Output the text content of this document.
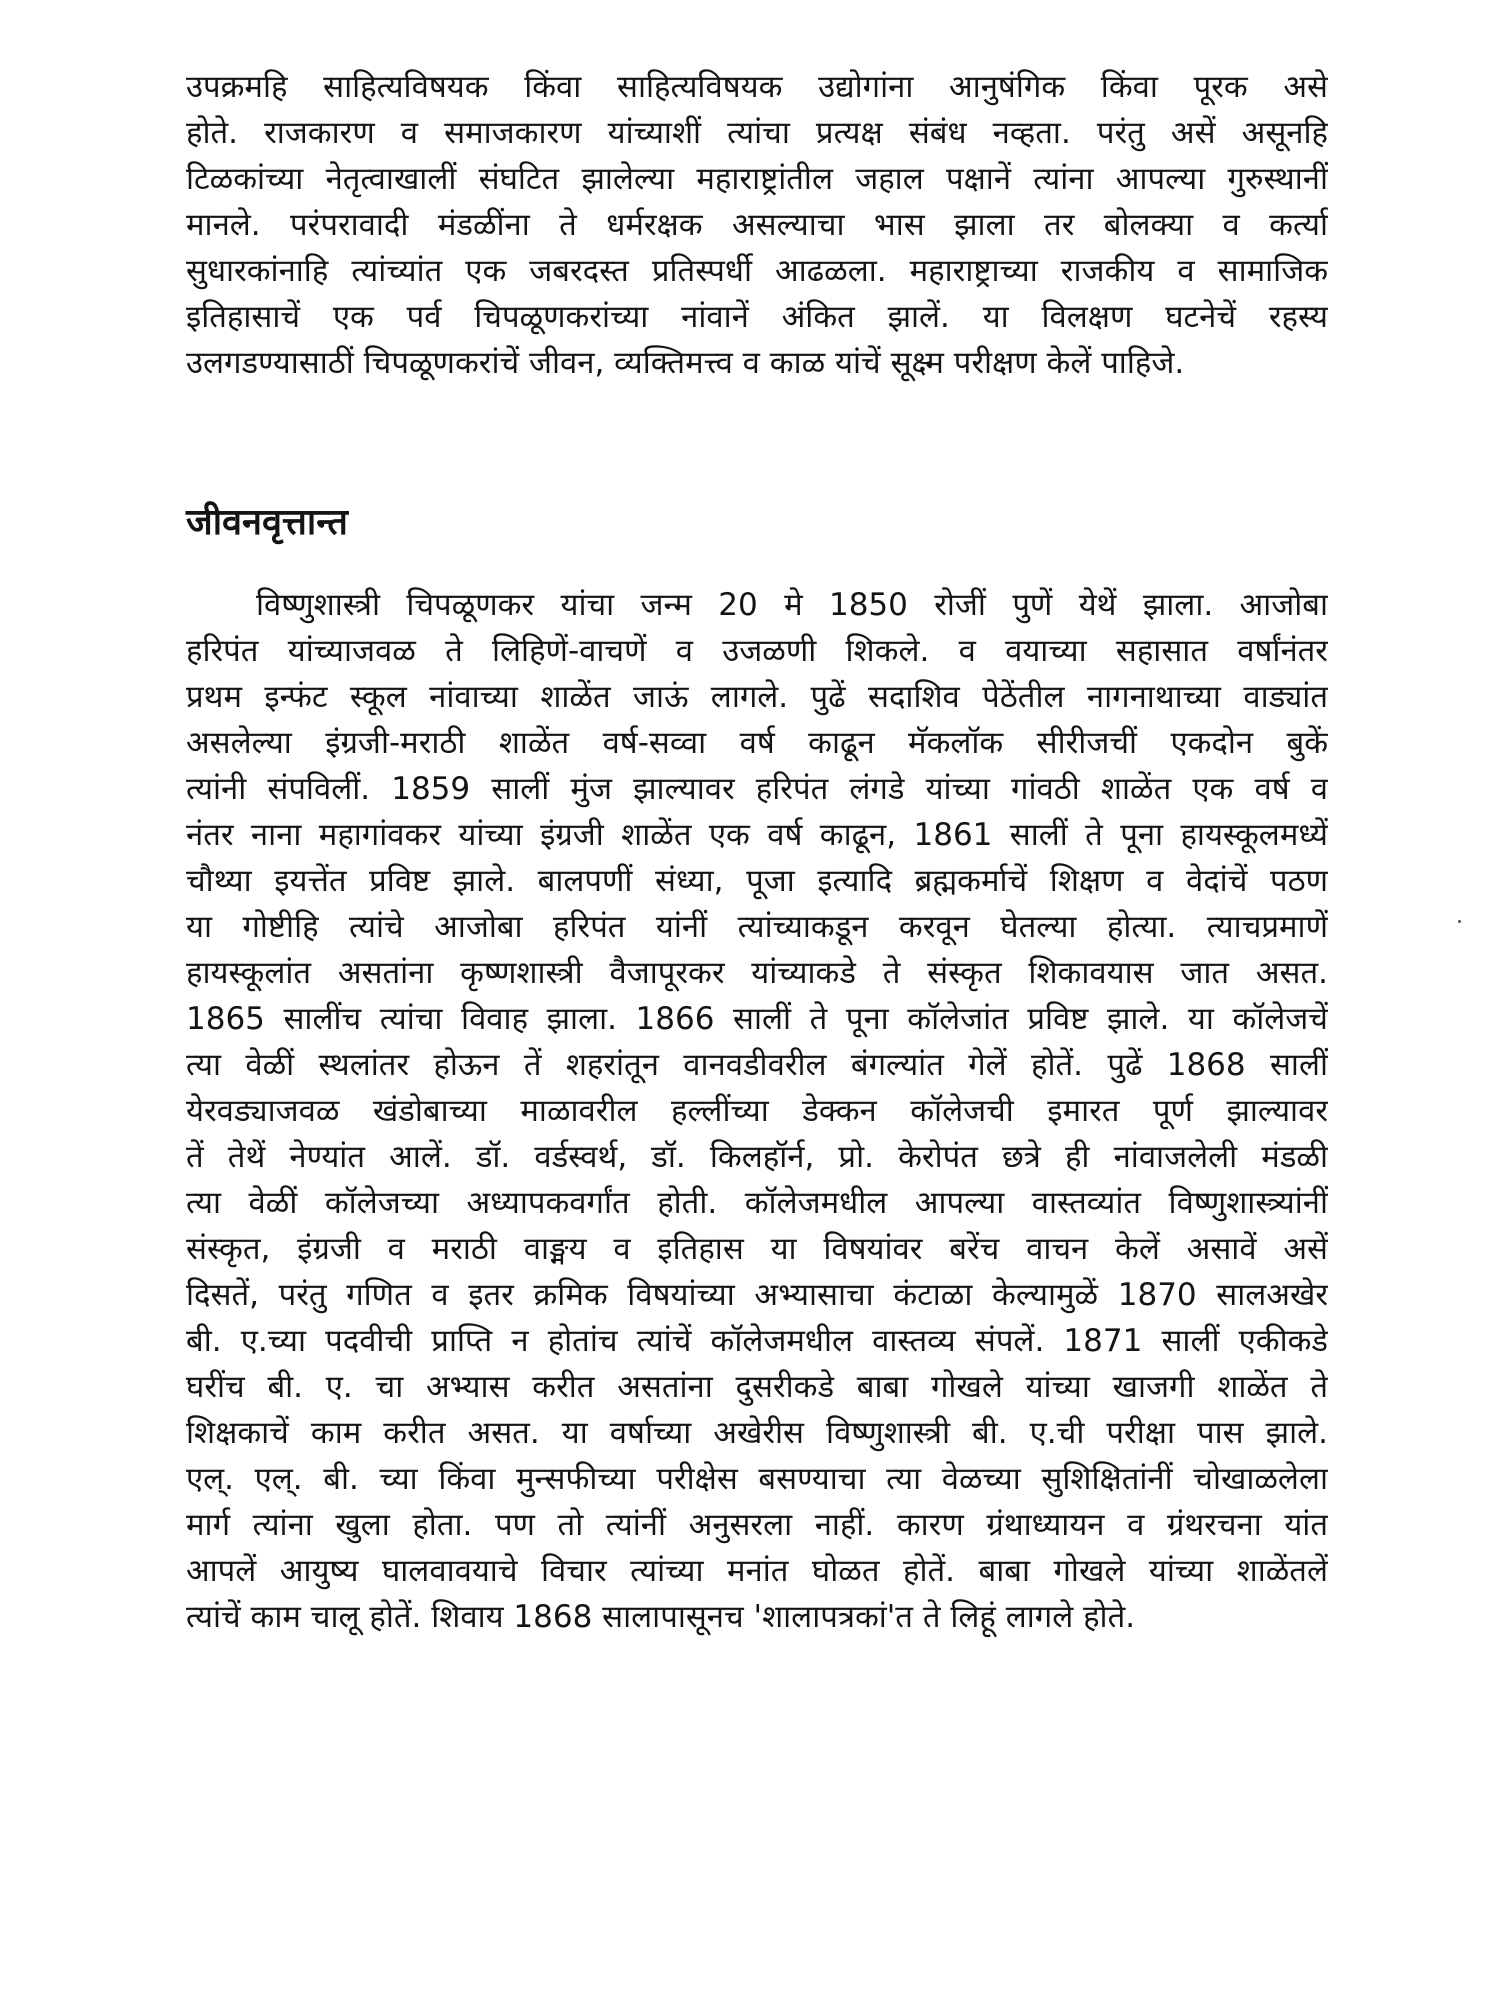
उपक्रमहि साहित्यविषयक किंवा साहित्यविषयक उद्योगांना आनुषंगिक किंवा पूरक असे
होते. राजकारण व समाजकारण यांच्याशीं त्यांचा प्रत्यक्ष संबंध नव्हता. परंतु असें असूनहि
टिळकांच्या नेतृत्वाखालीं संघटित झालेल्या महाराष्ट्रांतील जहाल पक्षानें त्यांना आपल्या गुरुस्थानीं
मानले. परंपरावादी मंडळींना ते धर्मरक्षक असल्याचा भास झाला तर बोलक्या व कर्त्या
सुधारकांनाहि त्यांच्यांत एक जबरदस्त प्रतिस्पर्धी आढळला. महाराष्ट्राच्या राजकीय व सामाजिक
इतिहासाचें एक पर्व चिपळूणकरांच्या नांवानें अंकित झालें. या विलक्षण घटनेचें रहस्य
उलगडण्यासाठीं चिपळूणकरांचें जीवन, व्यक्तिमत्त्व व काळ यांचें सूक्ष्म परीक्षण केलें पाहिजे.
जीवनवृत्तान्त
विष्णुशास्त्री चिपळूणकर यांचा जन्म 20 मे 1850 रोजीं पुणें येथें झाला. आजोबा
हरिपंत यांच्याजवळ ते लिहिणें-वाचणें व उजळणी शिकले. व वयाच्या सहासात वर्षांनंतर
प्रथम इन्फंट स्कूल नांवाच्या शाळेंत जाऊं लागले. पुढें सदाशिव पेठेंतील नागनाथाच्या वाड्यांत
असलेल्या इंग्रजी-मराठी शाळेंत वर्ष-सव्वा वर्ष काढून मॅकलॉक सीरीजचीं एकदोन बुकें
त्यांनी संपविलीं. 1859 सालीं मुंज झाल्यावर हरिपंत लंगडे यांच्या गांवठी शाळेंत एक वर्ष व
नंतर नाना महागांवकर यांच्या इंग्रजी शाळेंत एक वर्ष काढून, 1861 सालीं ते पूना हायस्कूलमध्यें
चौथ्या इयत्तेंत प्रविष्ट झाले. बालपणीं संध्या, पूजा इत्यादि ब्रह्मकर्माचें शिक्षण व वेदांचें पठण
या गोष्टीहि त्यांचे आजोबा हरिपंत यांनीं त्यांच्याकडून करवून घेतल्या होत्या. त्याचप्रमाणें
हायस्कूलांत असतांना कृष्णशास्त्री वैजापूरकर यांच्याकडे ते संस्कृत शिकावयास जात असत.
1865 सालींच त्यांचा विवाह झाला. 1866 सालीं ते पूना कॉलेजांत प्रविष्ट झाले. या कॉलेजचें
त्या वेळीं स्थलांतर होऊन तें शहरांतून वानवडीवरील बंगल्यांत गेलें होतें. पुढें 1868 सालीं
येरवड्याजवळ खंडोबाच्या माळावरील हल्लींच्या डेक्कन कॉलेजची इमारत पूर्ण झाल्यावर
तें तेथें नेण्यांत आलें. डॉ. वर्डस्वर्थ, डॉ. किलहॉर्न, प्रो. केरोपंत छत्रे ही नांवाजलेली मंडळी
त्या वेळीं कॉलेजच्या अध्यापकवर्गांत होती. कॉलेजमधील आपल्या वास्तव्यांत विष्णुशास्त्र्यांनीं
संस्कृत, इंग्रजी व मराठी वाङ्मय व इतिहास या विषयांवर बरेंच वाचन केलें असावें असें
दिसतें, परंतु गणित व इतर क्रमिक विषयांच्या अभ्यासाचा कंटाळा केल्यामुळें 1870 सालअखेर
बी. ए.च्या पदवीची प्राप्ति न होतांच त्यांचें कॉलेजमधील वास्तव्य संपलें. 1871 सालीं एकीकडे
घरींच बी. ए. चा अभ्यास करीत असतांना दुसरीकडे बाबा गोखले यांच्या खाजगी शाळेंत ते
शिक्षकाचें काम करीत असत. या वर्षाच्या अखेरीस विष्णुशास्त्री बी. ए.ची परीक्षा पास झाले.
एल्. एल्. बी. च्या किंवा मुन्सफीच्या परीक्षेस बसण्याचा त्या वेळच्या सुशिक्षितांनीं चोखाळलेला
मार्ग त्यांना खुला होता. पण तो त्यांनीं अनुसरला नाहीं. कारण ग्रंथाध्यायन व ग्रंथरचना यांत
आपलें आयुष्य घालवावयाचे विचार त्यांच्या मनांत घोळत होतें. बाबा गोखले यांच्या शाळेंतलें
त्यांचें काम चालू होतें. शिवाय 1868 सालापासूनच 'शालापत्रकां'त ते लिहूं लागले होते.
